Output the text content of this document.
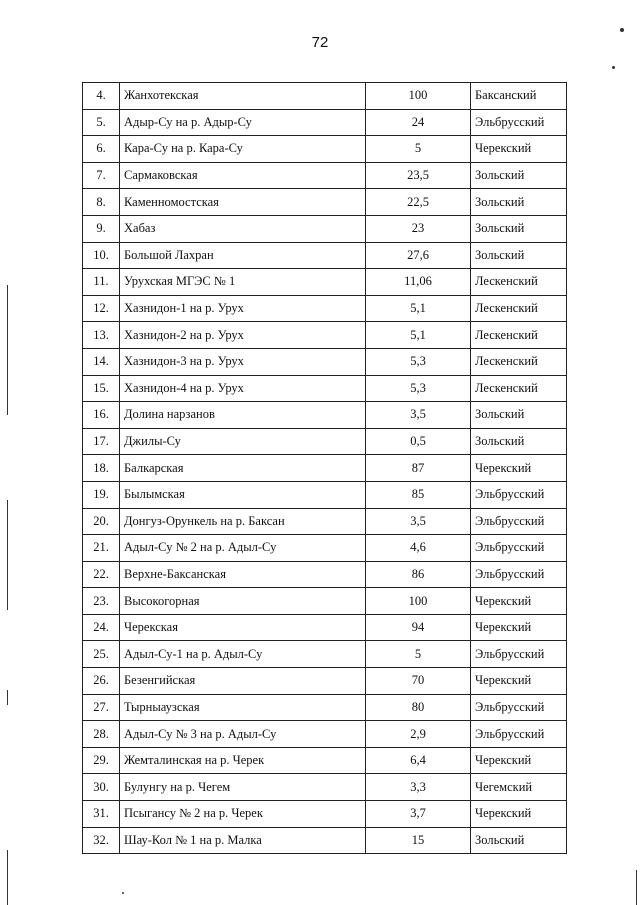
72
4.	Жанхотекская	100	Баксанский
5.	Адыр-Су на р. Адыр-Су	24	Эльбрусский
6.	Кара-Су на р. Кара-Су	5	Черекский
7.	Сармаковская	23,5	Зольский
8.	Каменномостская	22,5	Зольский
9.	Хабаз	23	Зольский
10.	Большой Лахран	27,6	Зольский
11.	Урухская МГЭС № 1	11,06	Лескенский
12.	Хазнидон-1 на р. Урух	5,1	Лескенский
13.	Хазнидон-2 на р. Урух	5,1	Лескенский
14.	Хазнидон-3 на р. Урух	5,3	Лескенский
15.	Хазнидон-4 на р. Урух	5,3	Лескенский
16.	Долина нарзанов	3,5	Зольский
17.	Джилы-Су	0,5	Зольский
18.	Балкарская	87	Черекский
19.	Былымская	85	Эльбрусский
20.	Донгуз-Орункель на р. Баксан	3,5	Эльбрусский
21.	Адыл-Су № 2 на р. Адыл-Су	4,6	Эльбрусский
22.	Верхне-Баксанская	86	Эльбрусский
23.	Высокогорная	100	Черекский
24.	Черекская	94	Черекский
25.	Адыл-Су-1 на р. Адыл-Су	5	Эльбрусский
26.	Безенгийская	70	Черекский
27.	Тырныаузская	80	Эльбрусский
28.	Адыл-Су № 3 на р. Адыл-Су	2,9	Эльбрусский
29.	Жемталинская на р. Черек	6,4	Черекский
30.	Булунгу на р. Чегем	3,3	Чегемский
31.	Псыгансу № 2 на р. Черек	3,7	Черекский
32.	Шау-Кол № 1 на р. Малка	15	Зольский
